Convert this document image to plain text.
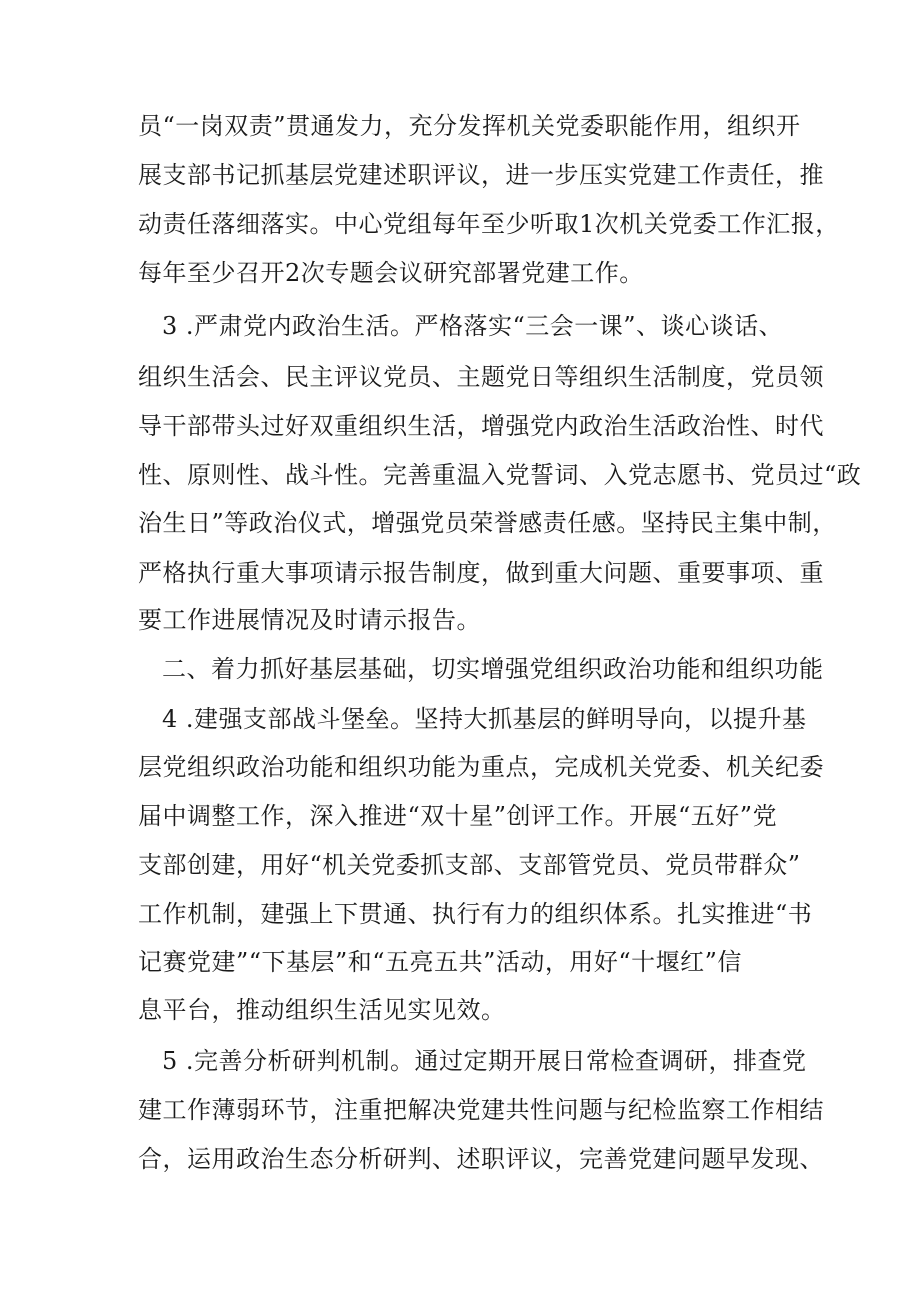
员“一岗双责”贯通发力，充分发挥机关党委职能作用，组织开
展支部书记抓基层党建述职评议，进一步压实党建工作责任，推
动责任落细落实。中心党组每年至少听取1次机关党委工作汇报，
每年至少召开2次专题会议研究部署党建工作。
3 .严肃党内政治生活。严格落实“三会一课”、谈心谈话、
组织生活会、民主评议党员、主题党日等组织生活制度，党员领
导干部带头过好双重组织生活，增强党内政治生活政治性、时代
性、原则性、战斗性。完善重温入党誓词、入党志愿书、党员过“政
治生日”等政治仪式，增强党员荣誉感责任感。坚持民主集中制，
严格执行重大事项请示报告制度，做到重大问题、重要事项、重
要工作进展情况及时请示报告。
二、着力抓好基层基础，切实增强党组织政治功能和组织功能
4 .建强支部战斗堡垒。坚持大抓基层的鲜明导向，以提升基
层党组织政治功能和组织功能为重点，完成机关党委、机关纪委
届中调整工作，深入推进“双十星”创评工作。开展“五好”党
支部创建，用好“机关党委抓支部、支部管党员、党员带群众”
工作机制，建强上下贯通、执行有力的组织体系。扎实推进“书
记赛党建”“下基层”和“五亮五共”活动，用好“十堰红”信
息平台，推动组织生活见实见效。
5 .完善分析研判机制。通过定期开展日常检查调研，排查党
建工作薄弱环节，注重把解决党建共性问题与纪检监察工作相结
合，运用政治生态分析研判、述职评议，完善党建问题早发现、
